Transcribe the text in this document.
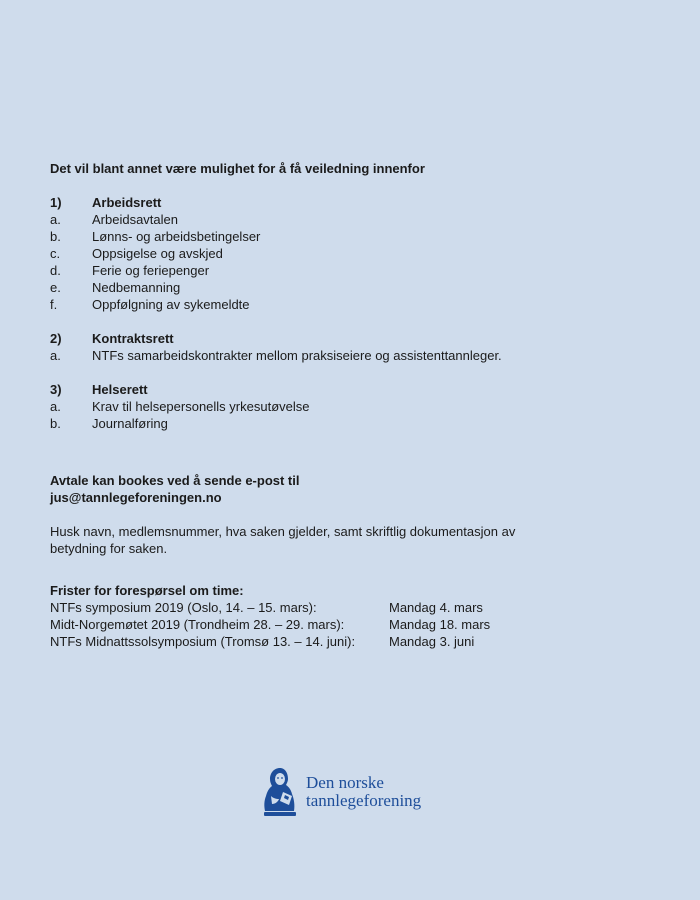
Det vil blant annet være mulighet for å få veiledning innenfor
1)	Arbeidsrett
a.	Arbeidsavtalen
b.	Lønns- og arbeidsbetingelser
c.	Oppsigelse og avskjed
d.	Ferie og feriepenger
e.	Nedbemanning
f.	Oppfølgning av sykemeldte
2)	Kontraktsrett
a.	NTFs samarbeidskontrakter mellom praksiseiere og assistenttannleger.
3)	Helserett
a.	Krav til helsepersonells yrkesutøvelse
b.	Journalføring
Avtale kan bookes ved å sende e-post til
jus@tannlegeforeningen.no
Husk navn, medlemsnummer, hva saken gjelder, samt skriftlig dokumentasjon av betydning for saken.
Frister for forespørsel om time:
NTFs symposium 2019 (Oslo, 14. – 15. mars):	Mandag 4. mars
Midt-Norgemøtet 2019 (Trondheim 28. – 29. mars):	Mandag 18. mars
NTFs Midnattssolsymposium (Tromsø 13. – 14. juni):	Mandag 3. juni
Den norske
tannlegeforening
